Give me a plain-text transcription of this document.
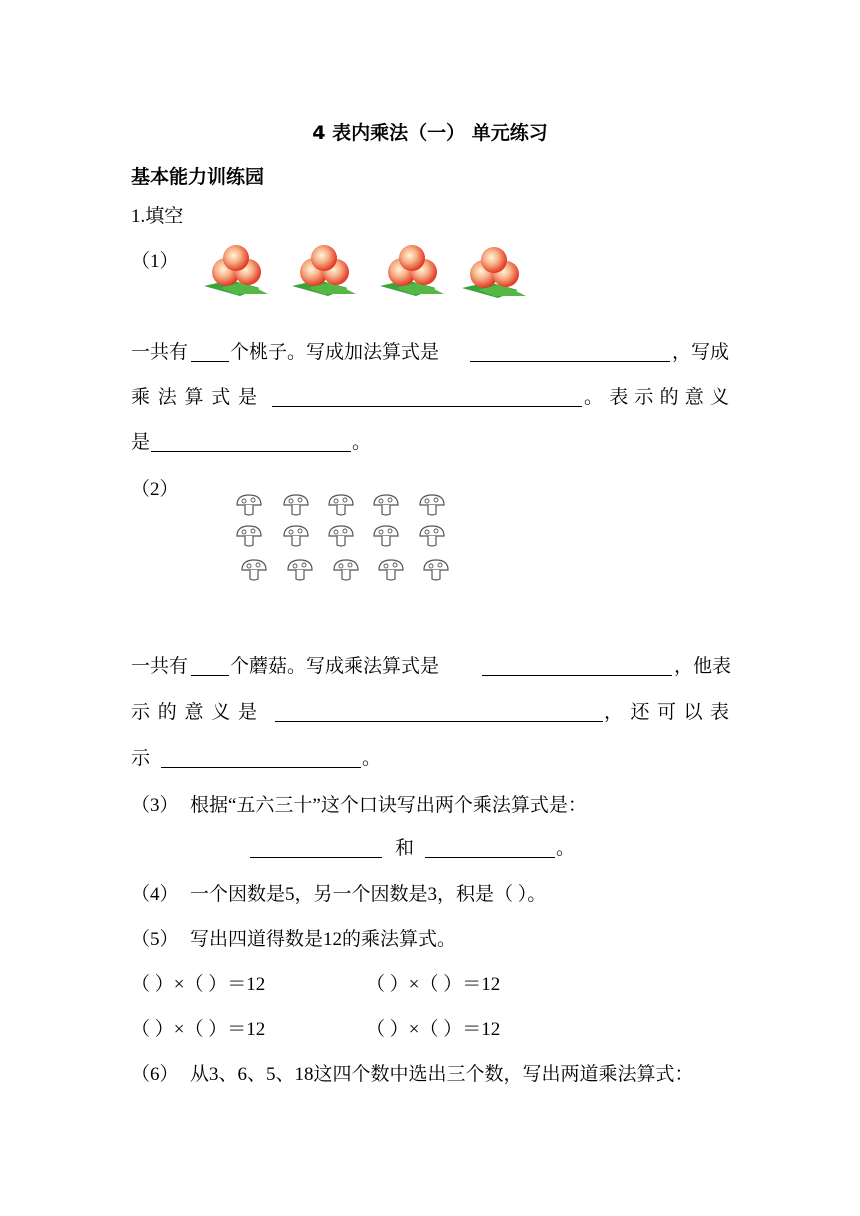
4 表内乘法（一） 单元练习
基本能力训练园
1.填空
（1）
一共有 个桃子。写成加法算式是	，写成
乘 法 算 式 是	。 表 示 的 意 义
是	。
（2）
一共有 个蘑菇。写成乘法算式是	，他表
示 的 意 义 是	， 还 可 以 表
示	。
（3） 根据“五六三十”这个口诀写出两个乘法算式是：
和	。
（4） 一个因数是5，另一个因数是3，积是（ ）。
（5） 写出四道得数是12的乘法算式。
（ ）×（ ）＝12	（ ）×（ ）＝12
（ ）×（ ）＝12	（ ）×（ ）＝12
（6） 从3、6、5、18这四个数中选出三个数，写出两道乘法算式：
